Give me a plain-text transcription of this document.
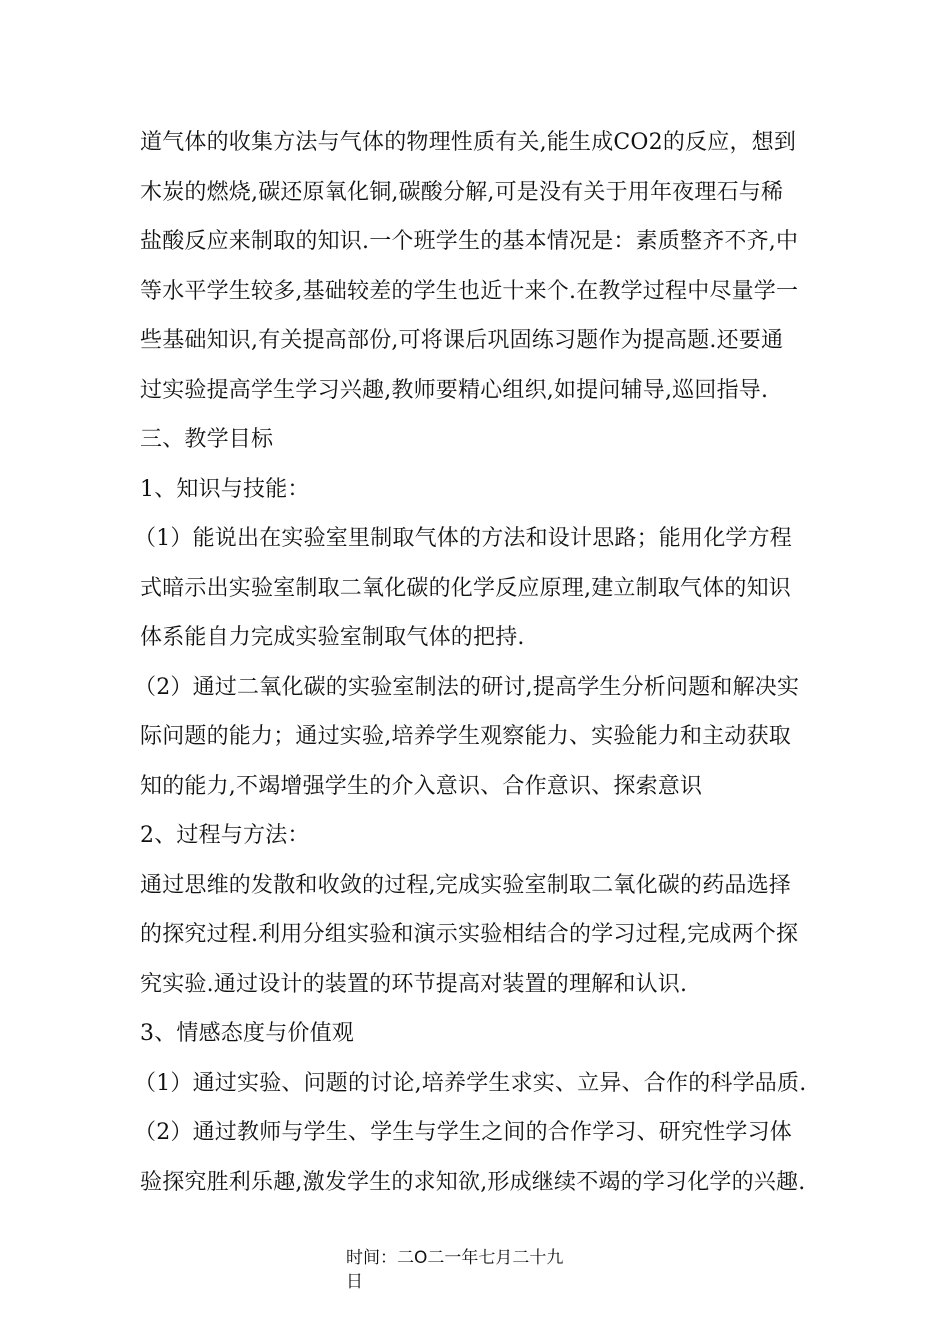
道气体的收集方法与气体的物理性质有关,能生成CO2的反应，想到
木炭的燃烧,碳还原氧化铜,碳酸分解,可是没有关于用年夜理石与稀
盐酸反应来制取的知识.一个班学生的基本情况是：素质整齐不齐,中
等水平学生较多,基础较差的学生也近十来个.在教学过程中尽量学一
些基础知识,有关提高部份,可将课后巩固练习题作为提高题.还要通
过实验提高学生学习兴趣,教师要精心组织,如提问辅导,巡回指导.
三、教学目标
1、知识与技能：
（1）能说出在实验室里制取气体的方法和设计思路；能用化学方程
式暗示出实验室制取二氧化碳的化学反应原理,建立制取气体的知识
体系能自力完成实验室制取气体的把持.
（2）通过二氧化碳的实验室制法的研讨,提高学生分析问题和解决实
际问题的能力；通过实验,培养学生观察能力、实验能力和主动获取
知的能力,不竭增强学生的介入意识、合作意识、探索意识
2、过程与方法：
通过思维的发散和收敛的过程,完成实验室制取二氧化碳的药品选择
的探究过程.利用分组实验和演示实验相结合的学习过程,完成两个探
究实验.通过设计的装置的环节提高对装置的理解和认识.
3、情感态度与价值观
（1）通过实验、问题的讨论,培养学生求实、立异、合作的科学品质.
（2）通过教师与学生、学生与学生之间的合作学习、研究性学习体
验探究胜利乐趣,激发学生的求知欲,形成继续不竭的学习化学的兴趣.
时间：二O二一年七月二十九
日
